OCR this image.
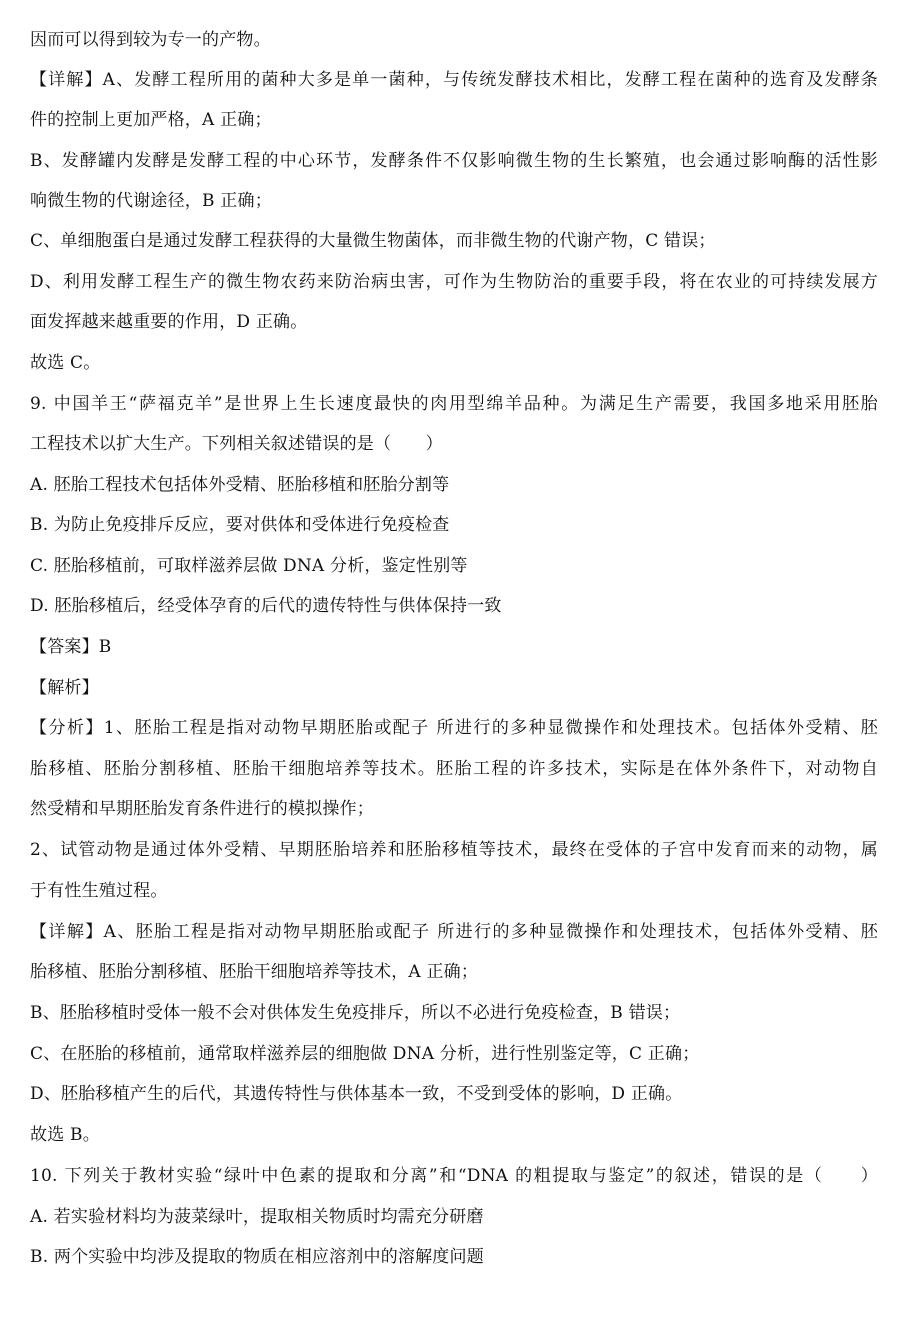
因而可以得到较为专一的产物。
【详解】A、发酵工程所用的菌种大多是单一菌种，与传统发酵技术相比，发酵工程在菌种的选育及发酵条
件的控制上更加严格，A 正确；
B、发酵罐内发酵是发酵工程的中心环节，发酵条件不仅影响微生物的生长繁殖，也会通过影响酶的活性影
响微生物的代谢途径，B 正确；
C、单细胞蛋白是通过发酵工程获得的大量微生物菌体，而非微生物的代谢产物，C 错误；
D、利用发酵工程生产的微生物农药来防治病虫害，可作为生物防治的重要手段，将在农业的可持续发展方
面发挥越来越重要的作用，D 正确。
故选 C。
9. 中国羊王“萨福克羊”是世界上生长速度最快的肉用型绵羊品种。为满足生产需要，我国多地采用胚胎
工程技术以扩大生产。下列相关叙述错误的是（　　）
A. 胚胎工程技术包括体外受精、胚胎移植和胚胎分割等
B. 为防止免疫排斥反应，要对供体和受体进行免疫检查
C. 胚胎移植前，可取样滋养层做 DNA 分析，鉴定性别等
D. 胚胎移植后，经受体孕育的后代的遗传特性与供体保持一致
【答案】B
【解析】
【分析】1、胚胎工程是指对动物早期胚胎或配子 所进行的多种显微操作和处理技术。包括体外受精、胚
胎移植、胚胎分割移植、胚胎干细胞培养等技术。胚胎工程的许多技术，实际是在体外条件下，对动物自
然受精和早期胚胎发育条件进行的模拟操作；
2、试管动物是通过体外受精、早期胚胎培养和胚胎移植等技术，最终在受体的子宫中发育而来的动物，属
于有性生殖过程。
【详解】A、胚胎工程是指对动物早期胚胎或配子 所进行的多种显微操作和处理技术，包括体外受精、胚
胎移植、胚胎分割移植、胚胎干细胞培养等技术，A 正确；
B、胚胎移植时受体一般不会对供体发生免疫排斥，所以不必进行免疫检查，B 错误；
C、在胚胎的移植前，通常取样滋养层的细胞做 DNA 分析，进行性别鉴定等，C 正确；
D、胚胎移植产生的后代，其遗传特性与供体基本一致，不受到受体的影响，D 正确。
故选 B。
10. 下列关于教材实验“绿叶中色素的提取和分离”和“DNA 的粗提取与鉴定”的叙述，错误的是（　　）
A. 若实验材料均为菠菜绿叶，提取相关物质时均需充分研磨
B. 两个实验中均涉及提取的物质在相应溶剂中的溶解度问题
